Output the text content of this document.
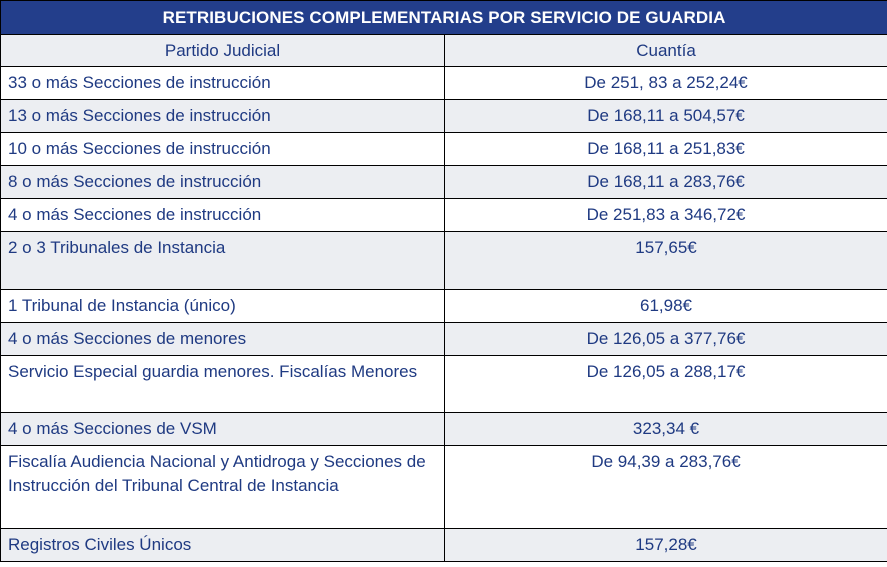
RETRIBUCIONES COMPLEMENTARIAS POR SERVICIO DE GUARDIA	
Partido Judicial	Cuantía
33 o más Secciones de instrucción	De 251, 83 a 252,24€
13 o más Secciones de instrucción	De 168,11 a 504,57€
10 o más Secciones de instrucción	De 168,11 a 251,83€
8 o más Secciones de instrucción	De 168,11 a 283,76€
4 o más Secciones de instrucción	De 251,83 a 346,72€
2 o 3 Tribunales de Instancia	157,65€
1 Tribunal de Instancia (único)	61,98€
4 o más Secciones de menores	De 126,05 a 377,76€
Servicio Especial guardia menores. Fiscalías Menores	De 126,05 a 288,17€
4 o más Secciones de VSM	323,34 €
Fiscalía Audiencia Nacional y Antidroga y Secciones de Instrucción del Tribunal Central de Instancia	De 94,39 a 283,76€
Registros Civiles Únicos	157,28€
